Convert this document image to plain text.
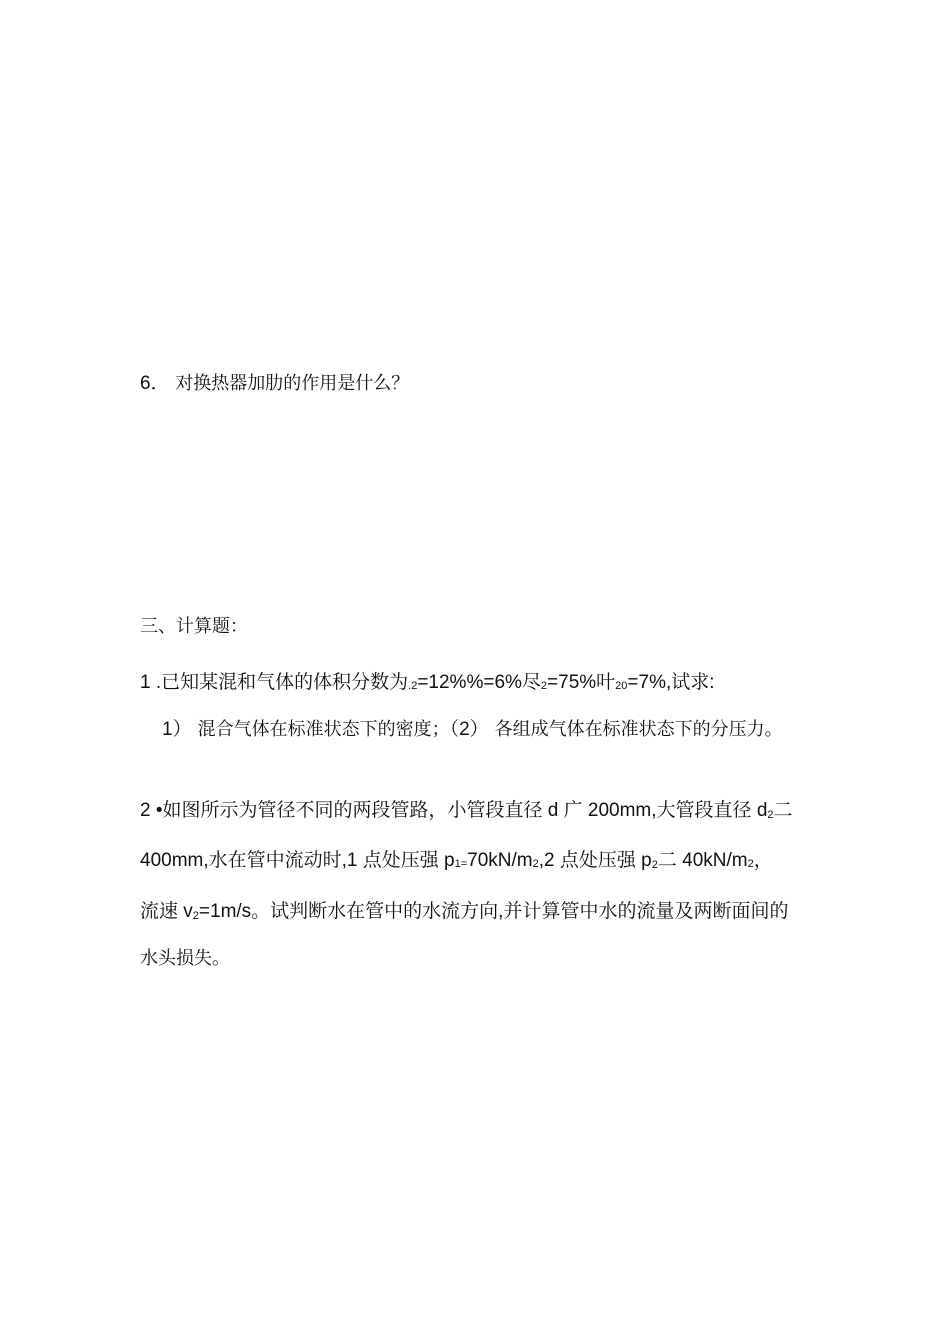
6． 对换热器加肋的作用是什么？
三、计算题：
1 .已知某混和气体的体积分数为.2=12%%=6%尽2=75%叶20=7%,试求:
1） 混合气体在标准状态下的密度；（2） 各组成气体在标准状态下的分压力。
2 •如图所示为管径不同的两段管路，小管段直径 d 广 200mm,大管段直径 d2二
400mm,水在管中流动时,1 点处压强 p1=70kN/m2,2 点处压强 p2二 40kN/m2，
流速 v2=1m/s。试判断水在管中的水流方向,并计算管中水的流量及两断面间的
水头损失。
